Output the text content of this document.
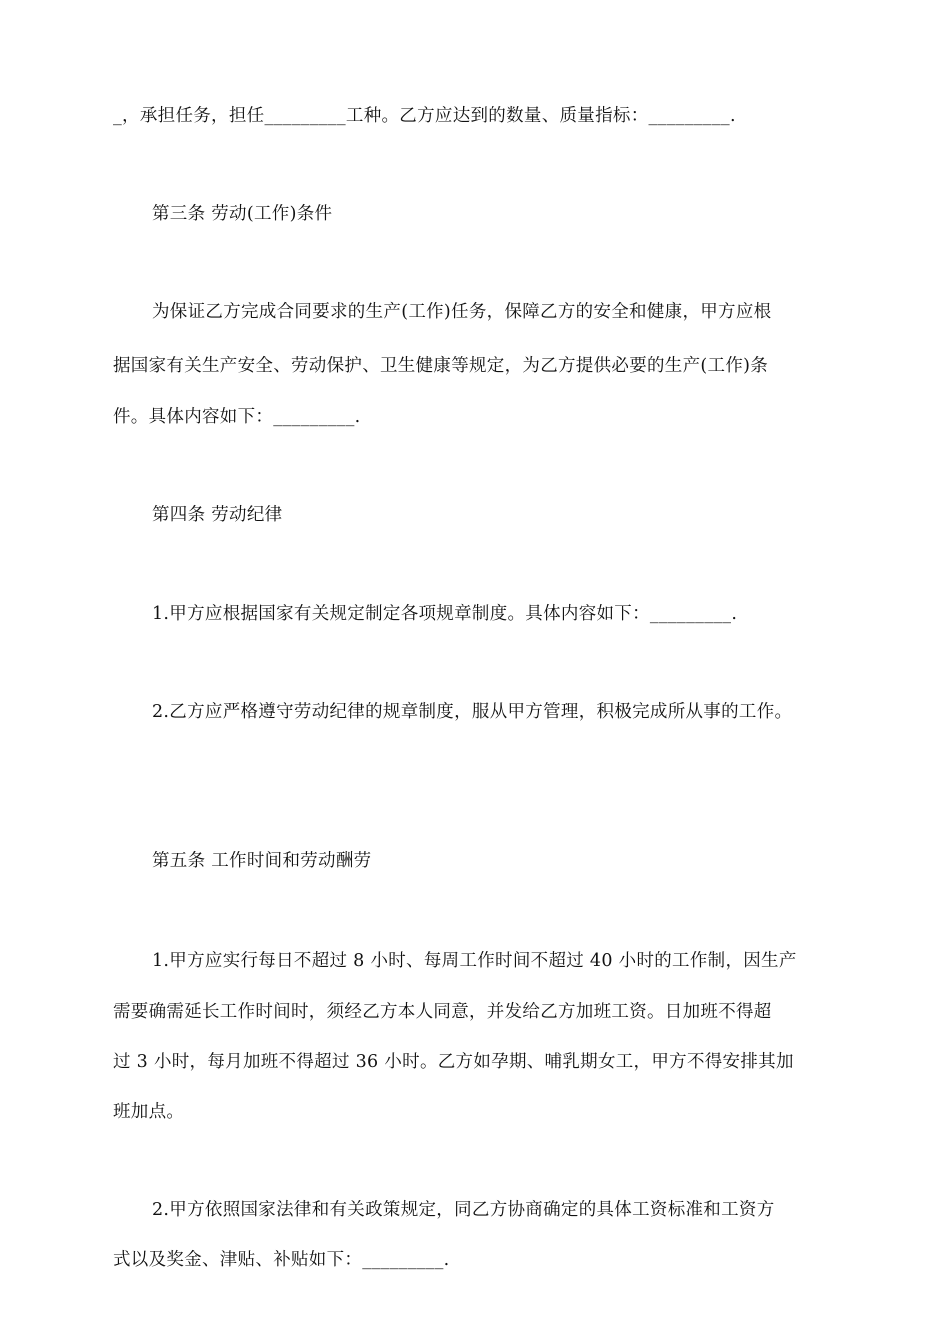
_，承担任务，担任_________工种。乙方应达到的数量、质量指标：_________.
第三条 劳动(工作)条件
为保证乙方完成合同要求的生产(工作)任务，保障乙方的安全和健康，甲方应根
据国家有关生产安全、劳动保护、卫生健康等规定，为乙方提供必要的生产(工作)条
件。具体内容如下：_________.
第四条 劳动纪律
1.甲方应根据国家有关规定制定各项规章制度。具体内容如下：_________.
2.乙方应严格遵守劳动纪律的规章制度，服从甲方管理，积极完成所从事的工作。
第五条 工作时间和劳动酬劳
1.甲方应实行每日不超过 8 小时、每周工作时间不超过 40 小时的工作制，因生产
需要确需延长工作时间时，须经乙方本人同意，并发给乙方加班工资。日加班不得超
过 3 小时，每月加班不得超过 36 小时。乙方如孕期、哺乳期女工，甲方不得安排其加
班加点。
2.甲方依照国家法律和有关政策规定，同乙方协商确定的具体工资标准和工资方
式以及奖金、津贴、补贴如下：_________.
